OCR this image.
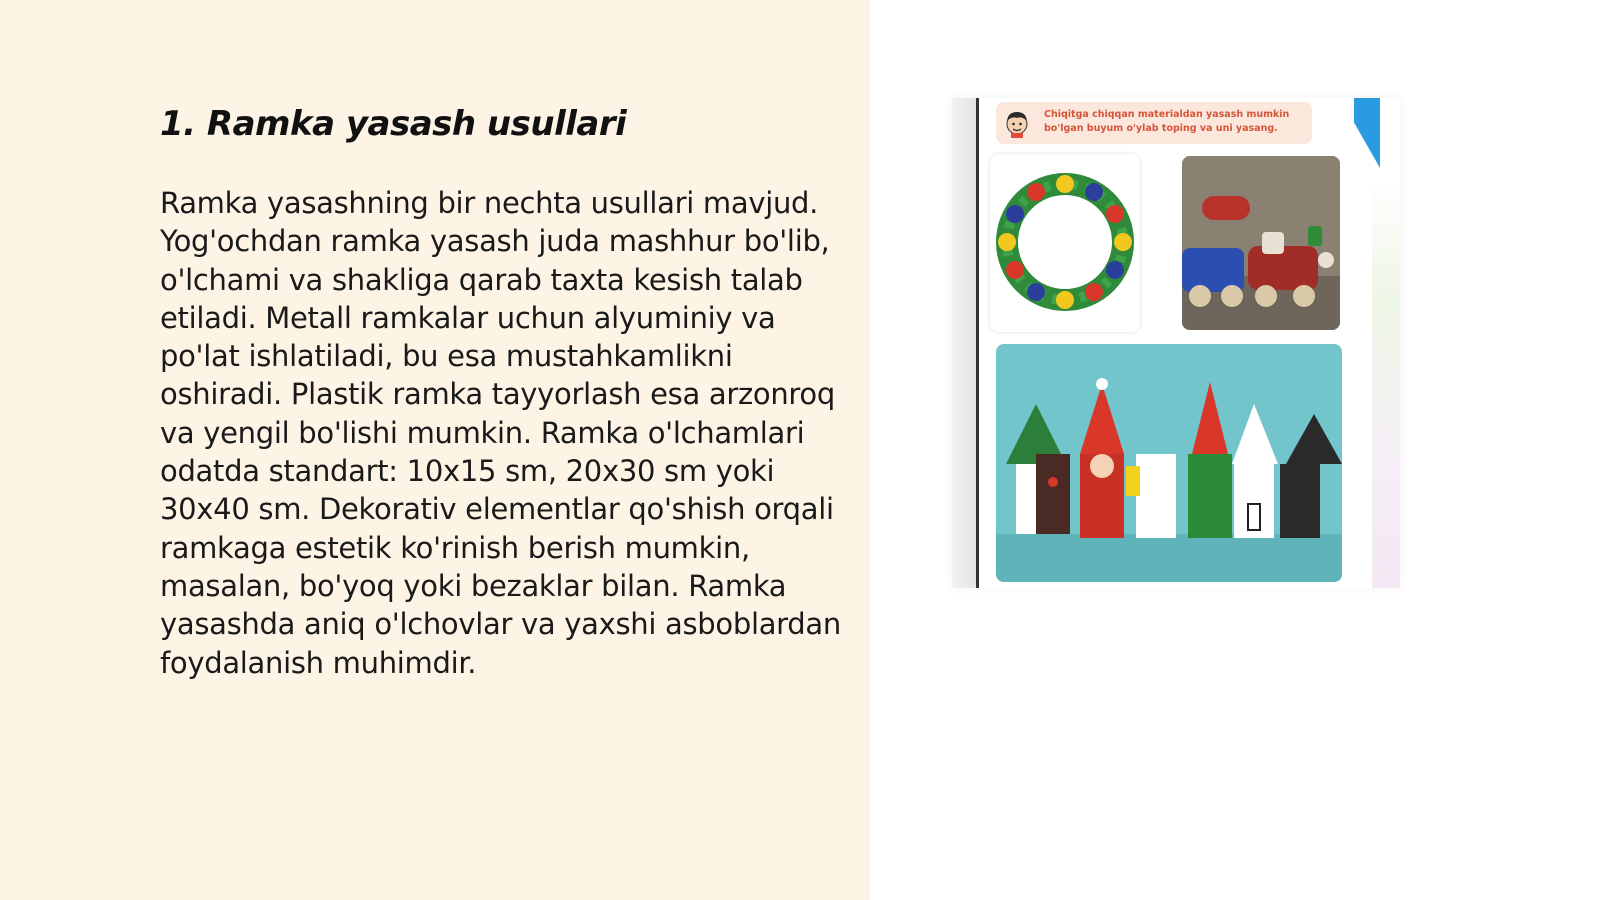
1. Ramka yasash usullari

Ramka yasashning bir nechta usullari mavjud. Yog'ochdan ramka yasash juda mashhur bo'lib, o'lchami va shakliga qarab taxta kesish talab etiladi. Metall ramkalar uchun alyuminiy va po'lat ishlatiladi, bu esa mustahkamlikni oshiradi. Plastik ramka tayyorlash esa arzonroq va yengil bo'lishi mumkin. Ramka o'lchamlari odatda standart: 10x15 sm, 20x30 sm yoki 30x40 sm. Dekorativ elementlar qo'shish orqali ramkaga estetik ko'rinish berish mumkin, masalan, bo'yoq yoki bezaklar bilan. Ramka yasashda aniq o'lchovlar va yaxshi asboblardan foydalanish muhimdir.

Chiqitga chiqqan materialdan yasash mumkin bo'lgan buyum o'ylab toping va uni yasang.
